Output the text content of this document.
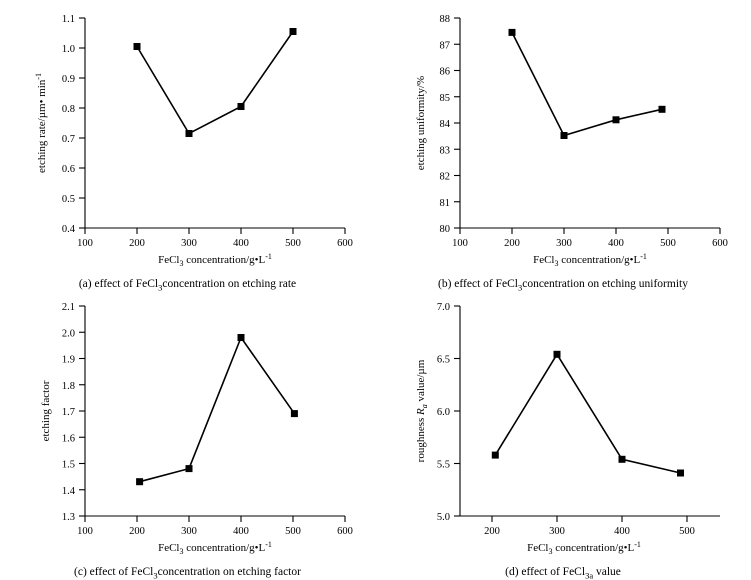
0.4
0.5
0.6
0.7
0.8
0.9
1.0
1.1
100	200	300	400	500	600
etching rate/µm• $\min^{-1}$
FeCl$_3$ concentration/$g•L^{-1}$
(a) effect of FeCl$_3$concentration on etching rate
80
81
82
83
84
85
86
87
88
100	200	300	400	500	600
etching uniformity/%
FeCl$_3$ concentration/$g•L^{-1}$
(b) effect of FeCl$_3$concentration on etching uniformity
1.3
1.4
1.5
1.6
1.7
1.8
1.9
2.0
2.1
100	200	300	400	500	600
etching factor
FeCl$_3$ concentration/$g•L^{-1}$
(c) effect of FeCl$_3$concentration on etching factor
5.0
5.5
6.0
6.5
7.0
200	300	400	500
roughness $R_a$ value/µm
FeCl$_3$ concentration/$g•L^{-1}$
(d) effect of FeCl$_{3a}$ value
